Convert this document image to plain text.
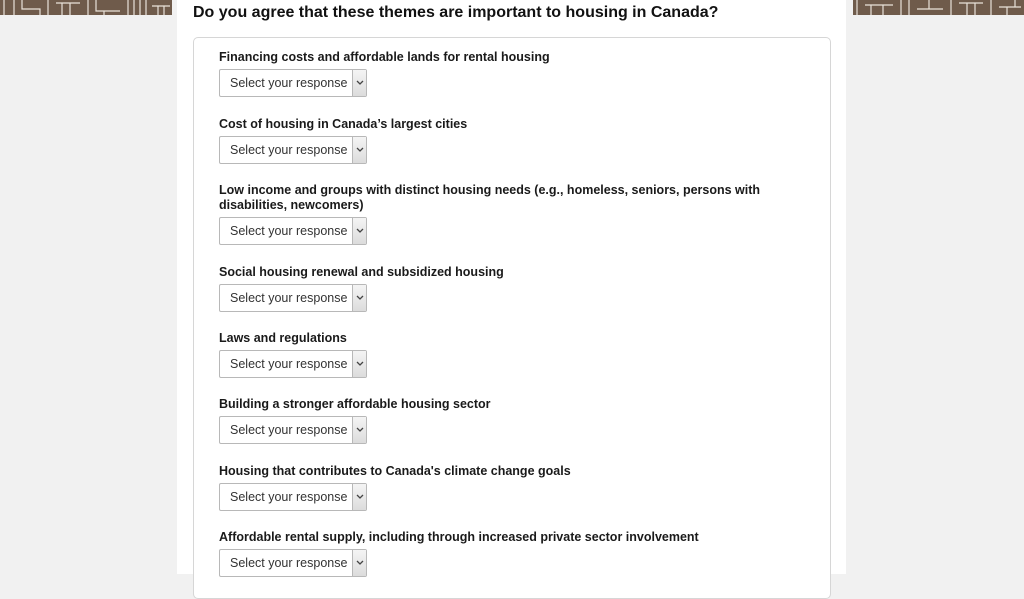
Do you agree that these themes are important to housing in Canada?

Financing costs and affordable lands for rental housing

Select your response

Cost of housing in Canada’s largest cities

Select your response

Low income and groups with distinct housing needs (e.g., homeless, seniors, persons with disabilities, newcomers)

Select your response

Social housing renewal and subsidized housing

Select your response

Laws and regulations

Select your response

Building a stronger affordable housing sector

Select your response

Housing that contributes to Canada's climate change goals

Select your response

Affordable rental supply, including through increased private sector involvement

Select your response
